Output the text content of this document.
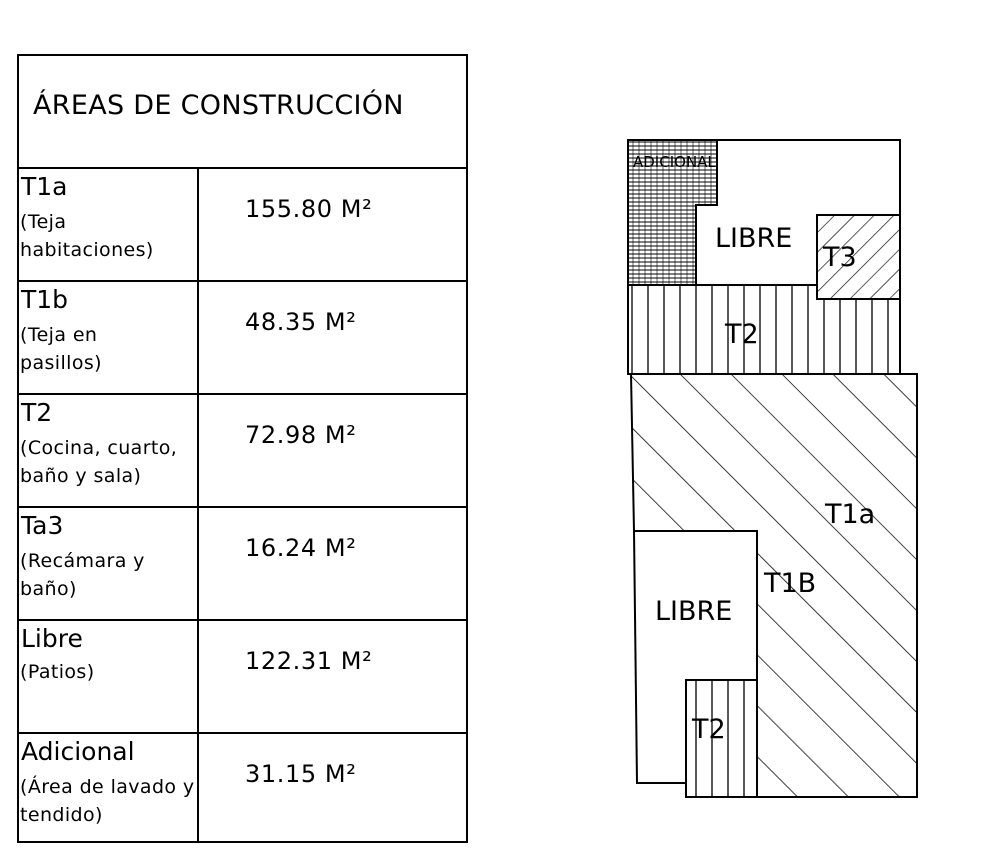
ÁREAS DE CONSTRUCCIÓN
T1a
(Teja habitaciones)
155.80 M²
T1b
(Teja en pasillos)
48.35 M²
T2
(Cocina, cuarto, baño y sala)
72.98 M²
Ta3
(Recámara y baño)
16.24 M²
Libre
(Patios)	122.31 M²
Adicional
(Área de lavado y tendido)
31.15 M²
ADICIONAL
LIBRE
T3
T2
T1a
T1B
LIBRE
T2
